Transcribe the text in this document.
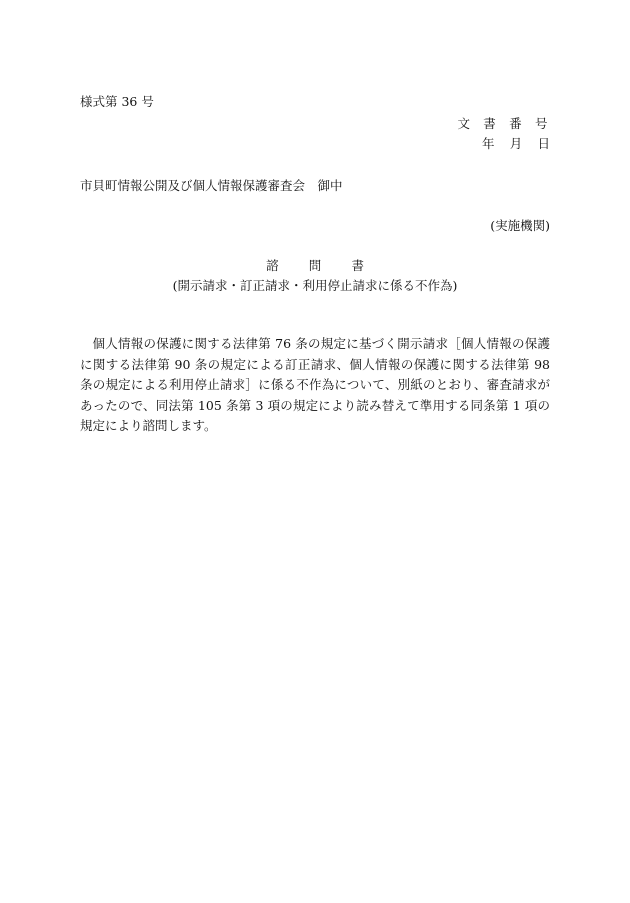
様式第 36 号
文 書 番 号
年 月 日
市貝町情報公開及び個人情報保護審査会　御中
(実施機関)
諮 問 書
(開示請求・訂正請求・利用停止請求に係る不作為)
個人情報の保護に関する法律第 76 条の規定に基づく開示請求［個人情報の保護に関する法律第 90 条の規定による訂正請求、個人情報の保護に関する法律第 98 条の規定による利用停止請求］に係る不作為について、別紙のとおり、審査請求があったので、同法第 105 条第 3 項の規定により読み替えて準用する同条第 1 項の規定により諮問します。
